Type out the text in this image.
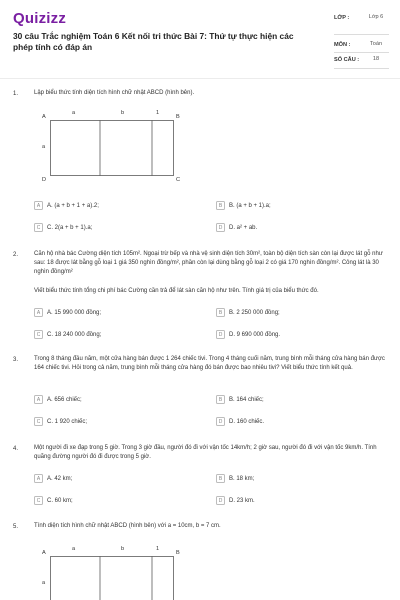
Quizizz
30 câu Trắc nghiệm Toán 6 Kết nối tri thức Bài 7: Thứ tự thực hiện các phép tính có đáp án
LỚP :	Lớp 6
MÔN :	Toán
SỐ CÂU :	18
1.	Lập biểu thức tính diện tích hình chữ nhật ABCD (hình bên).
a	b	1
a
A	B
C
D
A	A. (a + b + 1 + a).2;	B	B. (a + b + 1).a;
C	C. 2(a + b + 1).a;	D	D. a² + ab.
2.	Căn hộ nhà bác Cường diện tích 105m². Ngoại trừ bếp và nhà vệ sinh diện tích 30m², toàn bộ diện tích sàn còn lại được lát gỗ như sau: 18 được lát bằng gỗ loại 1 giá 350 nghìn đồng/m², phần còn lại dùng bằng gỗ loại 2 có giá 170 nghìn đồng/m². Công lát là 30 nghìn đồng/m²
Viết biểu thức tính tổng chi phí bác Cường cần trả để lát sàn căn hộ như trên. Tính giá trị của biểu thức đó.
A	A. 15 990 000 đồng;	B	B. 2 250 000 đồng;
C	C. 18 240 000 đồng;	D	D. 9 690 000 đồng.
3.	Trong 8 tháng đầu năm, một cửa hàng bán được 1 264 chiếc tivi. Trong 4 tháng cuối năm, trung bình mỗi tháng cửa hàng bán được 164 chiếc tivi. Hỏi trong cả năm, trung bình mỗi tháng cửa hàng đó bán được bao nhiêu tivi? Viết biểu thức tính kết quả.
A	A. 656 chiếc;	B	B. 164 chiếc;
C	C. 1 920 chiếc;	D	D. 160 chiếc.
4.	Một người đi xe đạp trong 5 giờ. Trong 3 giờ đầu, người đó đi với vận tốc 14km/h; 2 giờ sau, người đó đi với vận tốc 9km/h. Tính quãng đường người đó đi được trong 5 giờ.
A	A. 42 km;	B	B. 18 km;
C	C. 60 km;	D	D. 23 km.
5.	Tính diện tích hình chữ nhật ABCD (hình bên) với a = 10cm, b = 7 cm.
a	b	1
a
A	B
